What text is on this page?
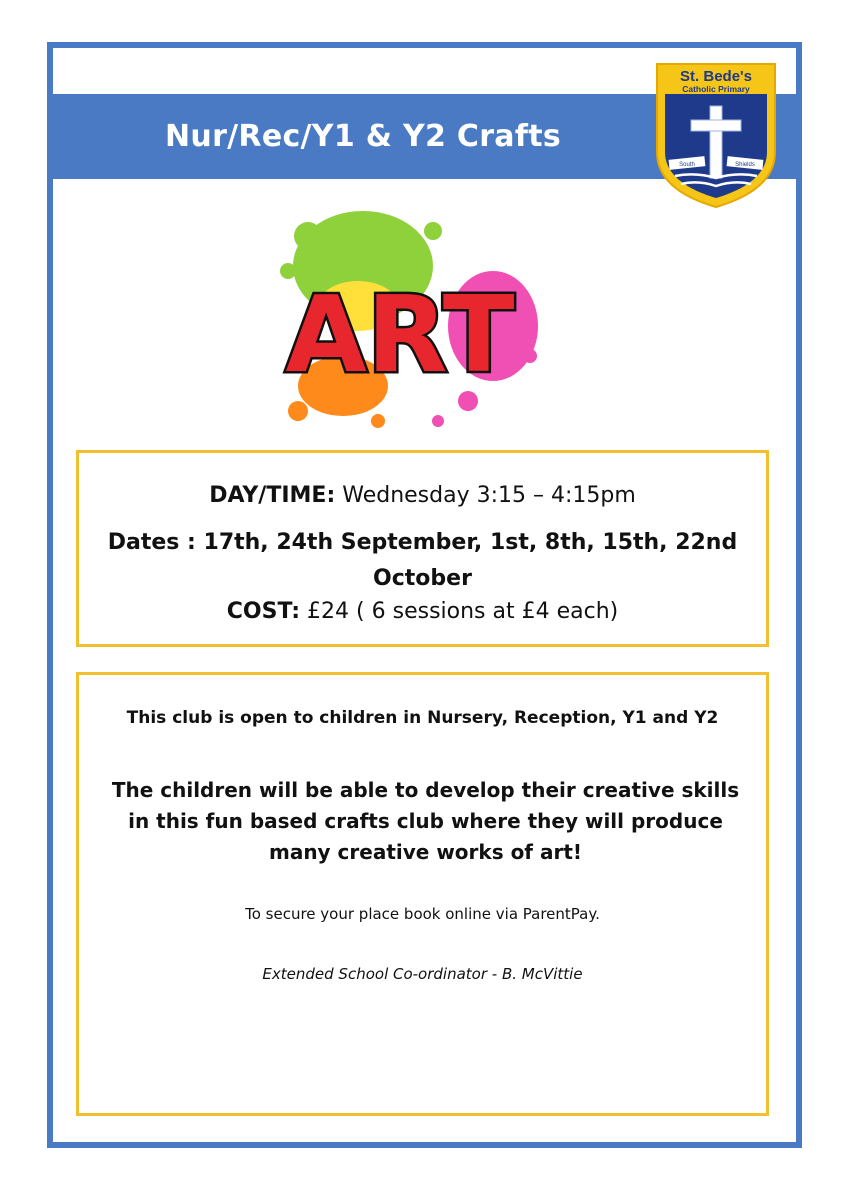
Nur/Rec/Y1 & Y2 Crafts
St. Bede's
Catholic Primary
South	Shields
ART
DAY/TIME: Wednesday 3:15 – 4:15pm
Dates : 17th, 24th September, 1st, 8th, 15th, 22nd October
COST: £24 ( 6 sessions at £4 each)
This club is open to children in Nursery, Reception, Y1 and Y2
The children will be able to develop their creative skills in this fun based crafts club where they will produce many creative works of art!
To secure your place book online via ParentPay.
Extended School Co-ordinator - B. McVittie
